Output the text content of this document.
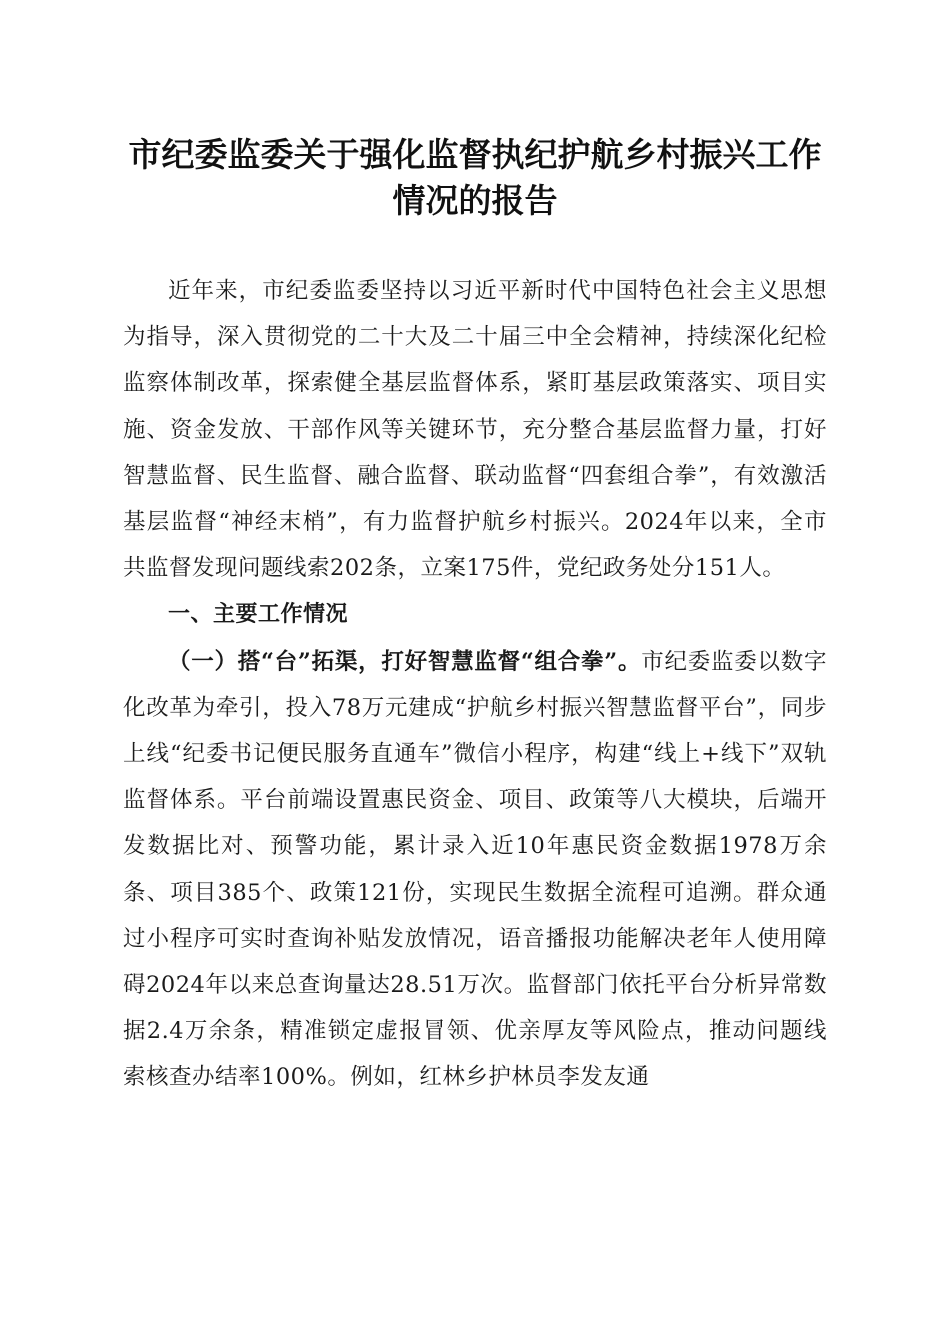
市纪委监委关于强化监督执纪护航乡村振兴工作情况的报告

近年来，市纪委监委坚持以习近平新时代中国特色社会主义思想为指导，深入贯彻党的二十大及二十届三中全会精神，持续深化纪检监察体制改革，探索健全基层监督体系，紧盯基层政策落实、项目实施、资金发放、干部作风等关键环节，充分整合基层监督力量，打好智慧监督、民生监督、融合监督、联动监督“四套组合拳”，有效激活基层监督“神经末梢”，有力监督护航乡村振兴。2024年以来，全市共监督发现问题线索202条，立案175件，党纪政务处分151人。

一、主要工作情况

（一）搭“台”拓渠，打好智慧监督“组合拳”。市纪委监委以数字化改革为牵引，投入78万元建成“护航乡村振兴智慧监督平台”，同步上线“纪委书记便民服务直通车”微信小程序，构建“线上+线下”双轨监督体系。平台前端设置惠民资金、项目、政策等八大模块，后端开发数据比对、预警功能，累计录入近10年惠民资金数据1978万余条、项目385个、政策121份，实现民生数据全流程可追溯。群众通过小程序可实时查询补贴发放情况，语音播报功能解决老年人使用障碍2024年以来总查询量达28.51万次。监督部门依托平台分析异常数据2.4万余条，精准锁定虚报冒领、优亲厚友等风险点，推动问题线索核查办结率100%。例如，红林乡护林员李发友通
